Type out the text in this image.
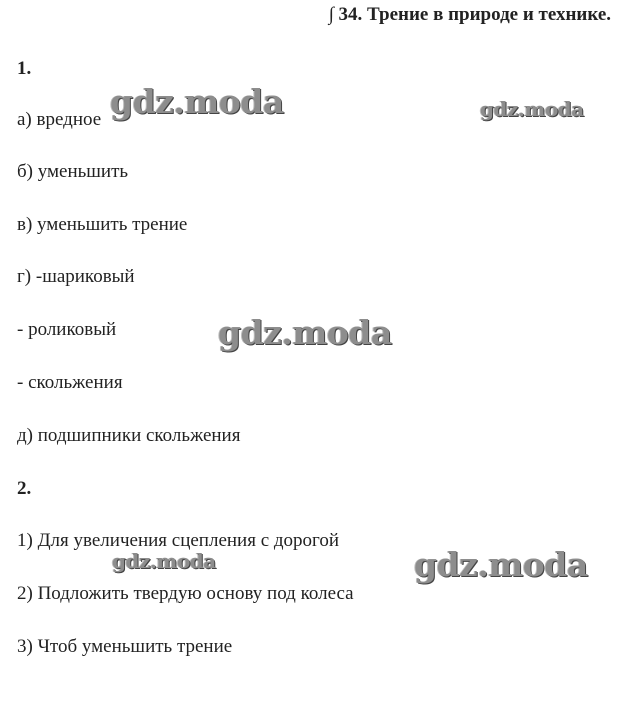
∫ 34. Трение в природе и технике.
1.
а) вредное
б) уменьшить
в) уменьшить трение
г) -шариковый
- роликовый
- скольжения
д) подшипники скольжения
2.
1) Для увеличения сцепления с дорогой
2) Подложить твердую основу под колеса
3) Чтоб уменьшить трение
gdz.moda	gdz.moda
gdz.moda
gdz.moda	gdz.moda
